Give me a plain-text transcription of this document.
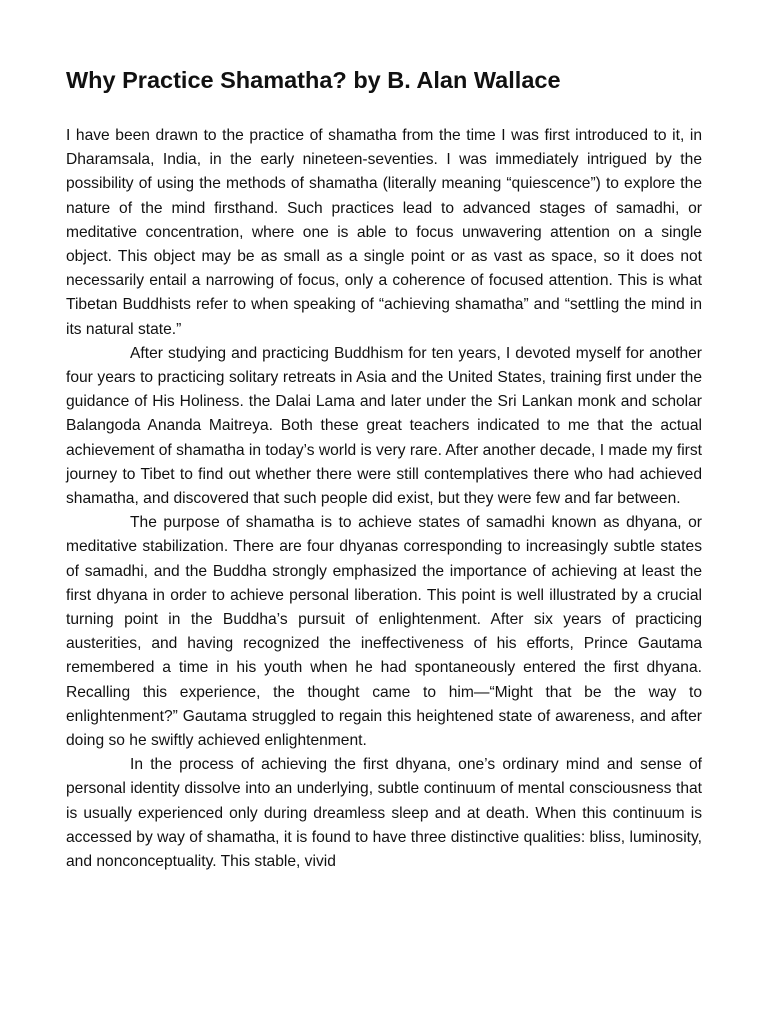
Why Practice Shamatha? by B. Alan Wallace

I have been drawn to the practice of shamatha from the time I was first introduced to it, in Dharamsala, India, in the early nineteen-seventies. I was immediately intrigued by the possibility of using the methods of shamatha (literally meaning “quiescence”) to explore the nature of the mind firsthand. Such practices lead to advanced stages of samadhi, or meditative concentration, where one is able to focus unwavering attention on a single object. This object may be as small as a single point or as vast as space, so it does not necessarily entail a narrowing of focus, only a coherence of focused attention. This is what Tibetan Buddhists refer to when speaking of “achieving shamatha” and “settling the mind in its natural state.”

After studying and practicing Buddhism for ten years, I devoted myself for another four years to practicing solitary retreats in Asia and the United States, training first under the guidance of His Holiness. the Dalai Lama and later under the Sri Lankan monk and scholar Balangoda Ananda Maitreya. Both these great teachers indicated to me that the actual achievement of shamatha in today’s world is very rare. After another decade, I made my first journey to Tibet to find out whether there were still contemplatives there who had achieved shamatha, and discovered that such people did exist, but they were few and far between.

The purpose of shamatha is to achieve states of samadhi known as dhyana, or meditative stabilization. There are four dhyanas corresponding to increasingly subtle states of samadhi, and the Buddha strongly emphasized the importance of achieving at least the first dhyana in order to achieve personal liberation. This point is well illustrated by a crucial turning point in the Buddha’s pursuit of enlightenment. After six years of practicing austerities, and having recognized the ineffectiveness of his efforts, Prince Gautama remembered a time in his youth when he had spontaneously entered the first dhyana. Recalling this experience, the thought came to him—“Might that be the way to enlightenment?” Gautama struggled to regain this heightened state of awareness, and after doing so he swiftly achieved enlightenment.

In the process of achieving the first dhyana, one’s ordinary mind and sense of personal identity dissolve into an underlying, subtle continuum of mental consciousness that is usually experienced only during dreamless sleep and at death. When this continuum is accessed by way of shamatha, it is found to have three distinctive qualities: bliss, luminosity, and nonconceptuality. This stable, vivid
